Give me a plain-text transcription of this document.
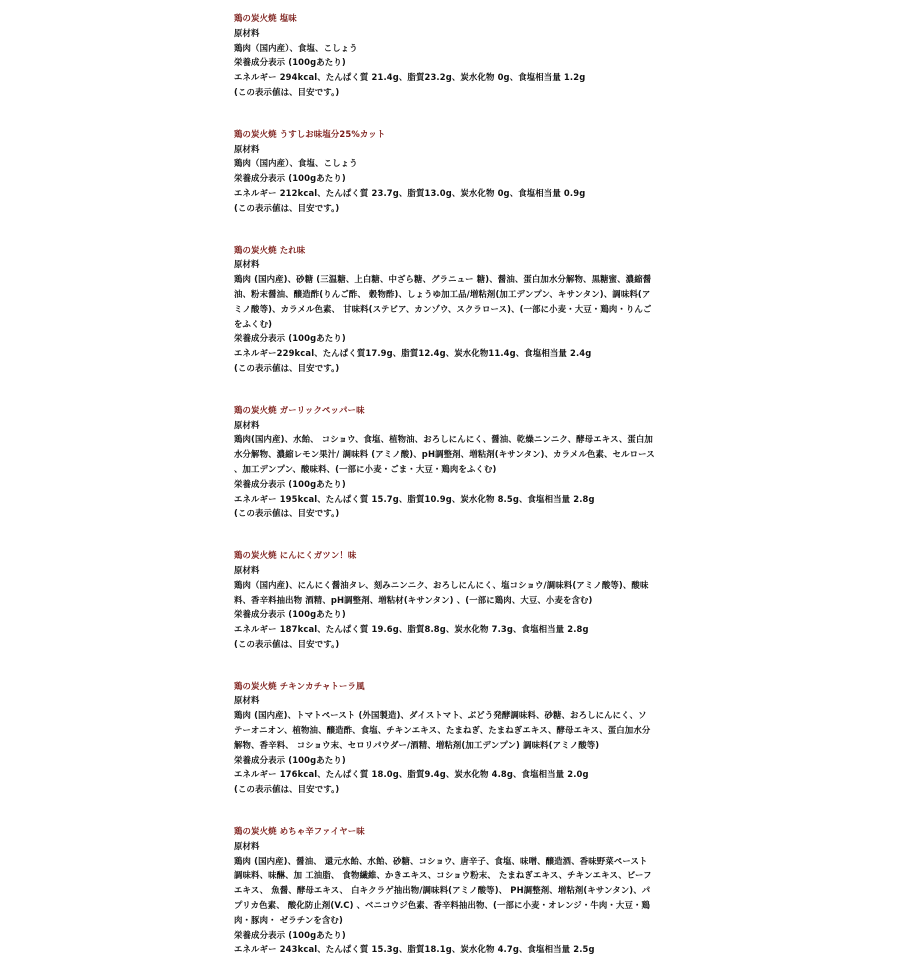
鶏の炭火焼 塩味
原材料
鶏肉（国内産）、食塩、こしょう
栄養成分表示 (100gあたり)
エネルギー 294kcal、たんぱく質 21.4g、脂質23.2g、炭水化物 0g、食塩相当量 1.2g
(この表示値は、目安です。)
鶏の炭火焼 うすしお味塩分25%カット
原材料
鶏肉（国内産）、食塩、こしょう
栄養成分表示 (100gあたり)
エネルギー 212kcal、たんぱく質 23.7g、脂質13.0g、炭水化物 0g、食塩相当量 0.9g
(この表示値は、目安です。)
鶏の炭火焼 たれ味
原材料
鶏肉 (国内産)、砂糖 (三温糖、上白糖、中ざら糖、グラニュー 糖)、醤油、蛋白加水分解物、黒糖蜜、濃縮醤
油、粉末醤油、醸造酢(りんご酢、 穀物酢)、しょうゆ加工品/増粘剤(加工デンプン、キサンタン)、調味料(ア
ミノ酸等)、カラメル色素、 甘味料(ステビア、カンゾウ、スクラロース)、(一部に小麦・大豆・鶏肉・りんご
をふくむ)
栄養成分表示 (100gあたり)
エネルギー229kcal、たんぱく質17.9g、脂質12.4g、炭水化物11.4g、食塩相当量 2.4g
(この表示値は、目安です。)
鶏の炭火焼 ガーリックペッパー味
原材料
鶏肉(国内産)、水飴、 コショウ、食塩、植物油、おろしにんにく、醤油、乾燥ニンニク、酵母エキス、蛋白加
水分解物、濃縮レモン果汁/ 調味料 (アミノ酸)、pH調整剤、増粘剤(キサンタン)、カラメル色素、セルロース
、加工デンプン、酸味料、(一部に小麦・ごま・大豆・鶏肉をふくむ)
栄養成分表示 (100gあたり)
エネルギー 195kcal、たんぱく質 15.7g、脂質10.9g、炭水化物 8.5g、食塩相当量 2.8g
(この表示値は、目安です。)
鶏の炭火焼 にんにくガツン！味
原材料
鶏肉（国内産)、にんにく醤油タレ、刻みニンニク、おろしにんにく、塩コショウ/調味料(アミノ酸等)、酸味
料、香辛料抽出物 酒精、pH調整剤、増粘材(キサンタン) 、(一部に鶏肉、大豆、小麦を含む)
栄養成分表示 (100gあたり)
エネルギー 187kcal、たんぱく質 19.6g、脂質8.8g、炭水化物 7.3g、食塩相当量 2.8g
(この表示値は、目安です。)
鶏の炭火焼 チキンカチャトーラ風
原材料
鶏肉 (国内産)、トマトペースト (外国製造)、ダイストマト、ぶどう発酵調味料、砂糖、おろしにんにく、ソ
テーオニオン、植物油、醸造酢、食塩、チキンエキス、たまねぎ、たまねぎエキス、酵母エキス、蛋白加水分
解物、香辛料、 コショウ末、セロリパウダー/酒精、増粘剤(加工デンプン) 調味料(アミノ酸等)
栄養成分表示 (100gあたり)
エネルギー 176kcal、たんぱく質 18.0g、脂質9.4g、炭水化物 4.8g、食塩相当量 2.0g
(この表示値は、目安です。)
鶏の炭火焼 めちゃ辛ファイヤー味
原材料
鶏肉 (国内産)、醤油、 還元水飴、水飴、砂糖、コショウ、唐辛子、食塩、味噌、醸造酒、香味野菜ペースト
調味料、味醂、加 工油脂、 食物繊維、かきエキス、コショウ粉末、 たまねぎエキス、チキンエキス、ビーフ
エキス、 魚醤、酵母エキス、 白キクラゲ抽出物/調味料(アミノ酸等)、 PH調整剤、増粘剤(キサンタン)、パ
プリカ色素、 酸化防止剤(V.C) 、ベニコウジ色素、香辛料抽出物、(一部に小麦・オレンジ・牛肉・大豆・鶏
肉・豚肉・ ゼラチンを含む)
栄養成分表示 (100gあたり)
エネルギー 243kcal、たんぱく質 15.3g、脂質18.1g、炭水化物 4.7g、食塩相当量 2.5g
